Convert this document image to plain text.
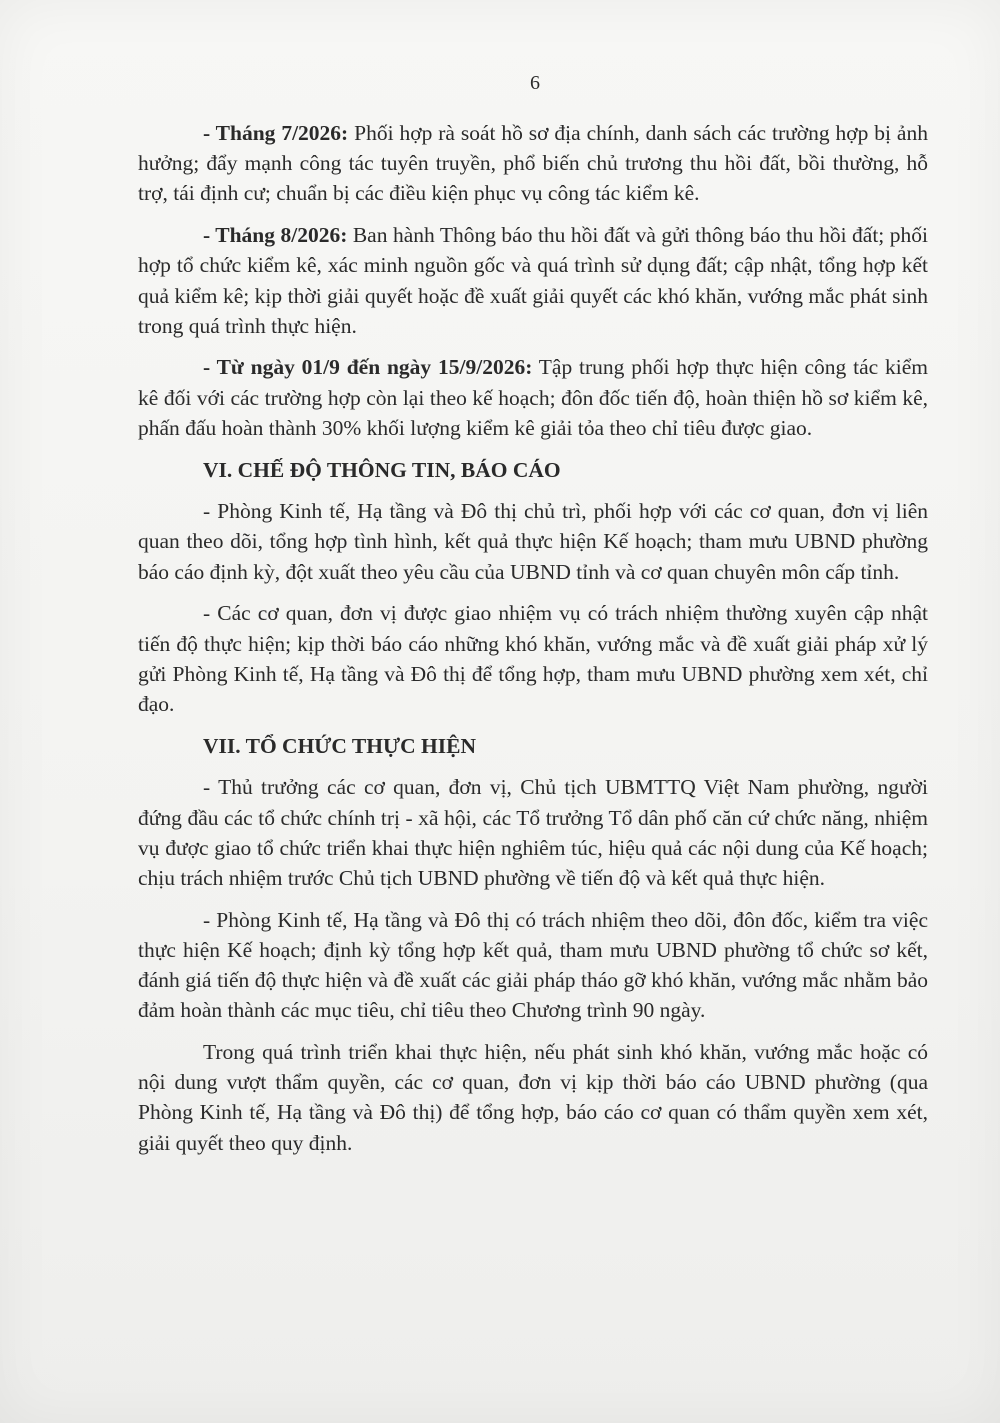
6

- Tháng 7/2026: Phối hợp rà soát hồ sơ địa chính, danh sách các trường hợp bị ảnh hưởng; đẩy mạnh công tác tuyên truyền, phổ biến chủ trương thu hồi đất, bồi thường, hỗ trợ, tái định cư; chuẩn bị các điều kiện phục vụ công tác kiểm kê.

- Tháng 8/2026: Ban hành Thông báo thu hồi đất và gửi thông báo thu hồi đất; phối hợp tổ chức kiểm kê, xác minh nguồn gốc và quá trình sử dụng đất; cập nhật, tổng hợp kết quả kiểm kê; kịp thời giải quyết hoặc đề xuất giải quyết các khó khăn, vướng mắc phát sinh trong quá trình thực hiện.

- Từ ngày 01/9 đến ngày 15/9/2026: Tập trung phối hợp thực hiện công tác kiểm kê đối với các trường hợp còn lại theo kế hoạch; đôn đốc tiến độ, hoàn thiện hồ sơ kiểm kê, phấn đấu hoàn thành 30% khối lượng kiểm kê giải tỏa theo chỉ tiêu được giao.

VI. CHẾ ĐỘ THÔNG TIN, BÁO CÁO

- Phòng Kinh tế, Hạ tầng và Đô thị chủ trì, phối hợp với các cơ quan, đơn vị liên quan theo dõi, tổng hợp tình hình, kết quả thực hiện Kế hoạch; tham mưu UBND phường báo cáo định kỳ, đột xuất theo yêu cầu của UBND tỉnh và cơ quan chuyên môn cấp tỉnh.

- Các cơ quan, đơn vị được giao nhiệm vụ có trách nhiệm thường xuyên cập nhật tiến độ thực hiện; kịp thời báo cáo những khó khăn, vướng mắc và đề xuất giải pháp xử lý gửi Phòng Kinh tế, Hạ tầng và Đô thị để tổng hợp, tham mưu UBND phường xem xét, chỉ đạo.

VII. TỔ CHỨC THỰC HIỆN

- Thủ trưởng các cơ quan, đơn vị, Chủ tịch UBMTTQ Việt Nam phường, người đứng đầu các tổ chức chính trị - xã hội, các Tổ trưởng Tổ dân phố căn cứ chức năng, nhiệm vụ được giao tổ chức triển khai thực hiện nghiêm túc, hiệu quả các nội dung của Kế hoạch; chịu trách nhiệm trước Chủ tịch UBND phường về tiến độ và kết quả thực hiện.

- Phòng Kinh tế, Hạ tầng và Đô thị có trách nhiệm theo dõi, đôn đốc, kiểm tra việc thực hiện Kế hoạch; định kỳ tổng hợp kết quả, tham mưu UBND phường tổ chức sơ kết, đánh giá tiến độ thực hiện và đề xuất các giải pháp tháo gỡ khó khăn, vướng mắc nhằm bảo đảm hoàn thành các mục tiêu, chỉ tiêu theo Chương trình 90 ngày.

Trong quá trình triển khai thực hiện, nếu phát sinh khó khăn, vướng mắc hoặc có nội dung vượt thẩm quyền, các cơ quan, đơn vị kịp thời báo cáo UBND phường (qua Phòng Kinh tế, Hạ tầng và Đô thị) để tổng hợp, báo cáo cơ quan có thẩm quyền xem xét, giải quyết theo quy định.
